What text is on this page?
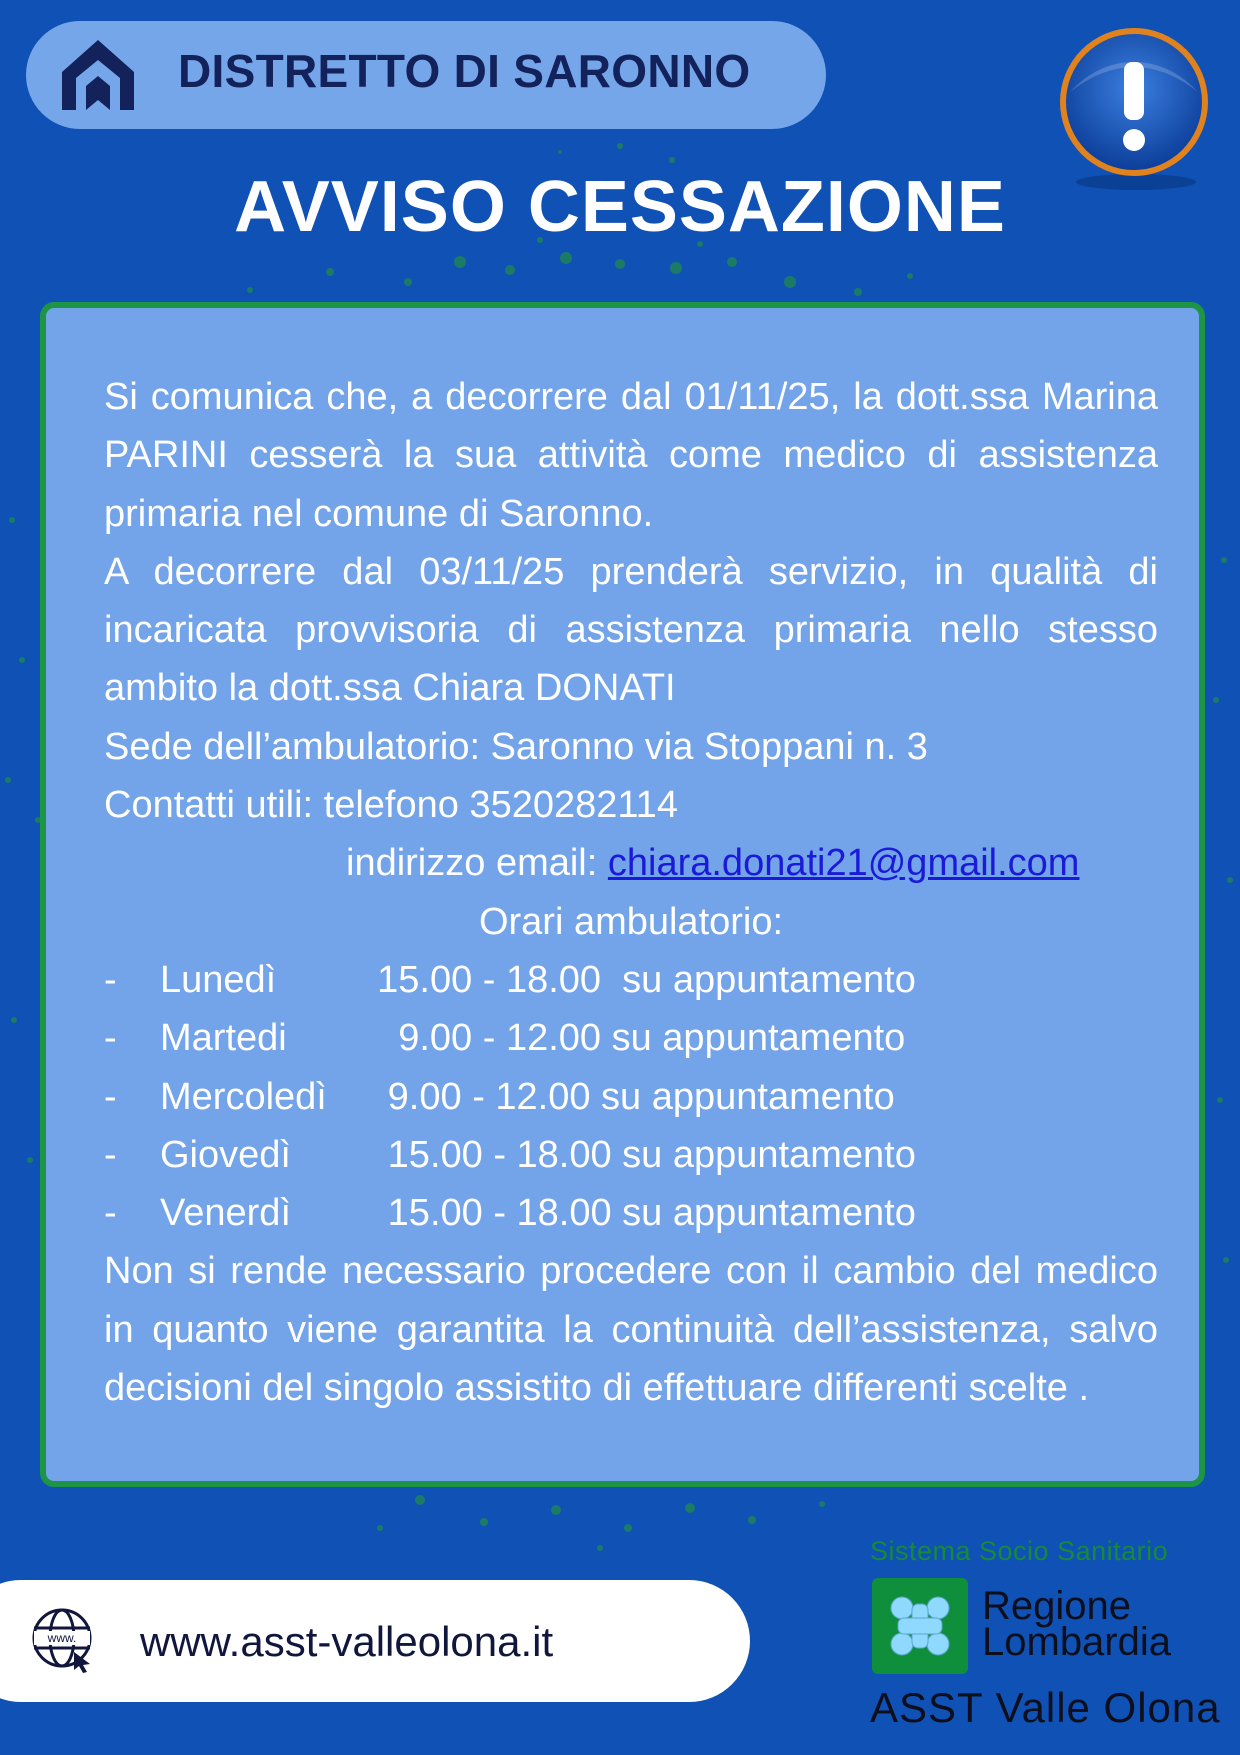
DISTRETTO DI SARONNO
AVVISO CESSAZIONE

Si comunica che, a decorrere dal 01/11/25, la dott.ssa Marina PARINI cesserà la sua attività come medico di assistenza primaria nel comune di Saronno.

A decorrere dal 03/11/25 prenderà servizio, in qualità di incaricata provvisoria di assistenza primaria nello stesso ambito la dott.ssa Chiara DONATI

Sede dell’ambulatorio: Saronno via Stoppani n. 3

Contatti utili: telefono 3520282114

indirizzo email: chiara.donati21@gmail.com

Orari ambulatorio:

-	Lunedì	15.00 - 18.00  su appuntamento
-	Martedi	9.00 - 12.00 su appuntamento
-	Mercoledì 9.00 - 12.00 su appuntamento
-	Giovedì	15.00 - 18.00 su appuntamento
-	Venerdì	15.00 - 18.00 su appuntamento

Non si rende necessario procedere con il cambio del medico in quanto viene garantita la continuità dell’assistenza, salvo decisioni del singolo assistito di effettuare differenti scelte .

www. www.asst-valleolona.it
Sistema Socio Sanitario
Regione
Lombardia
ASST Valle Olona
